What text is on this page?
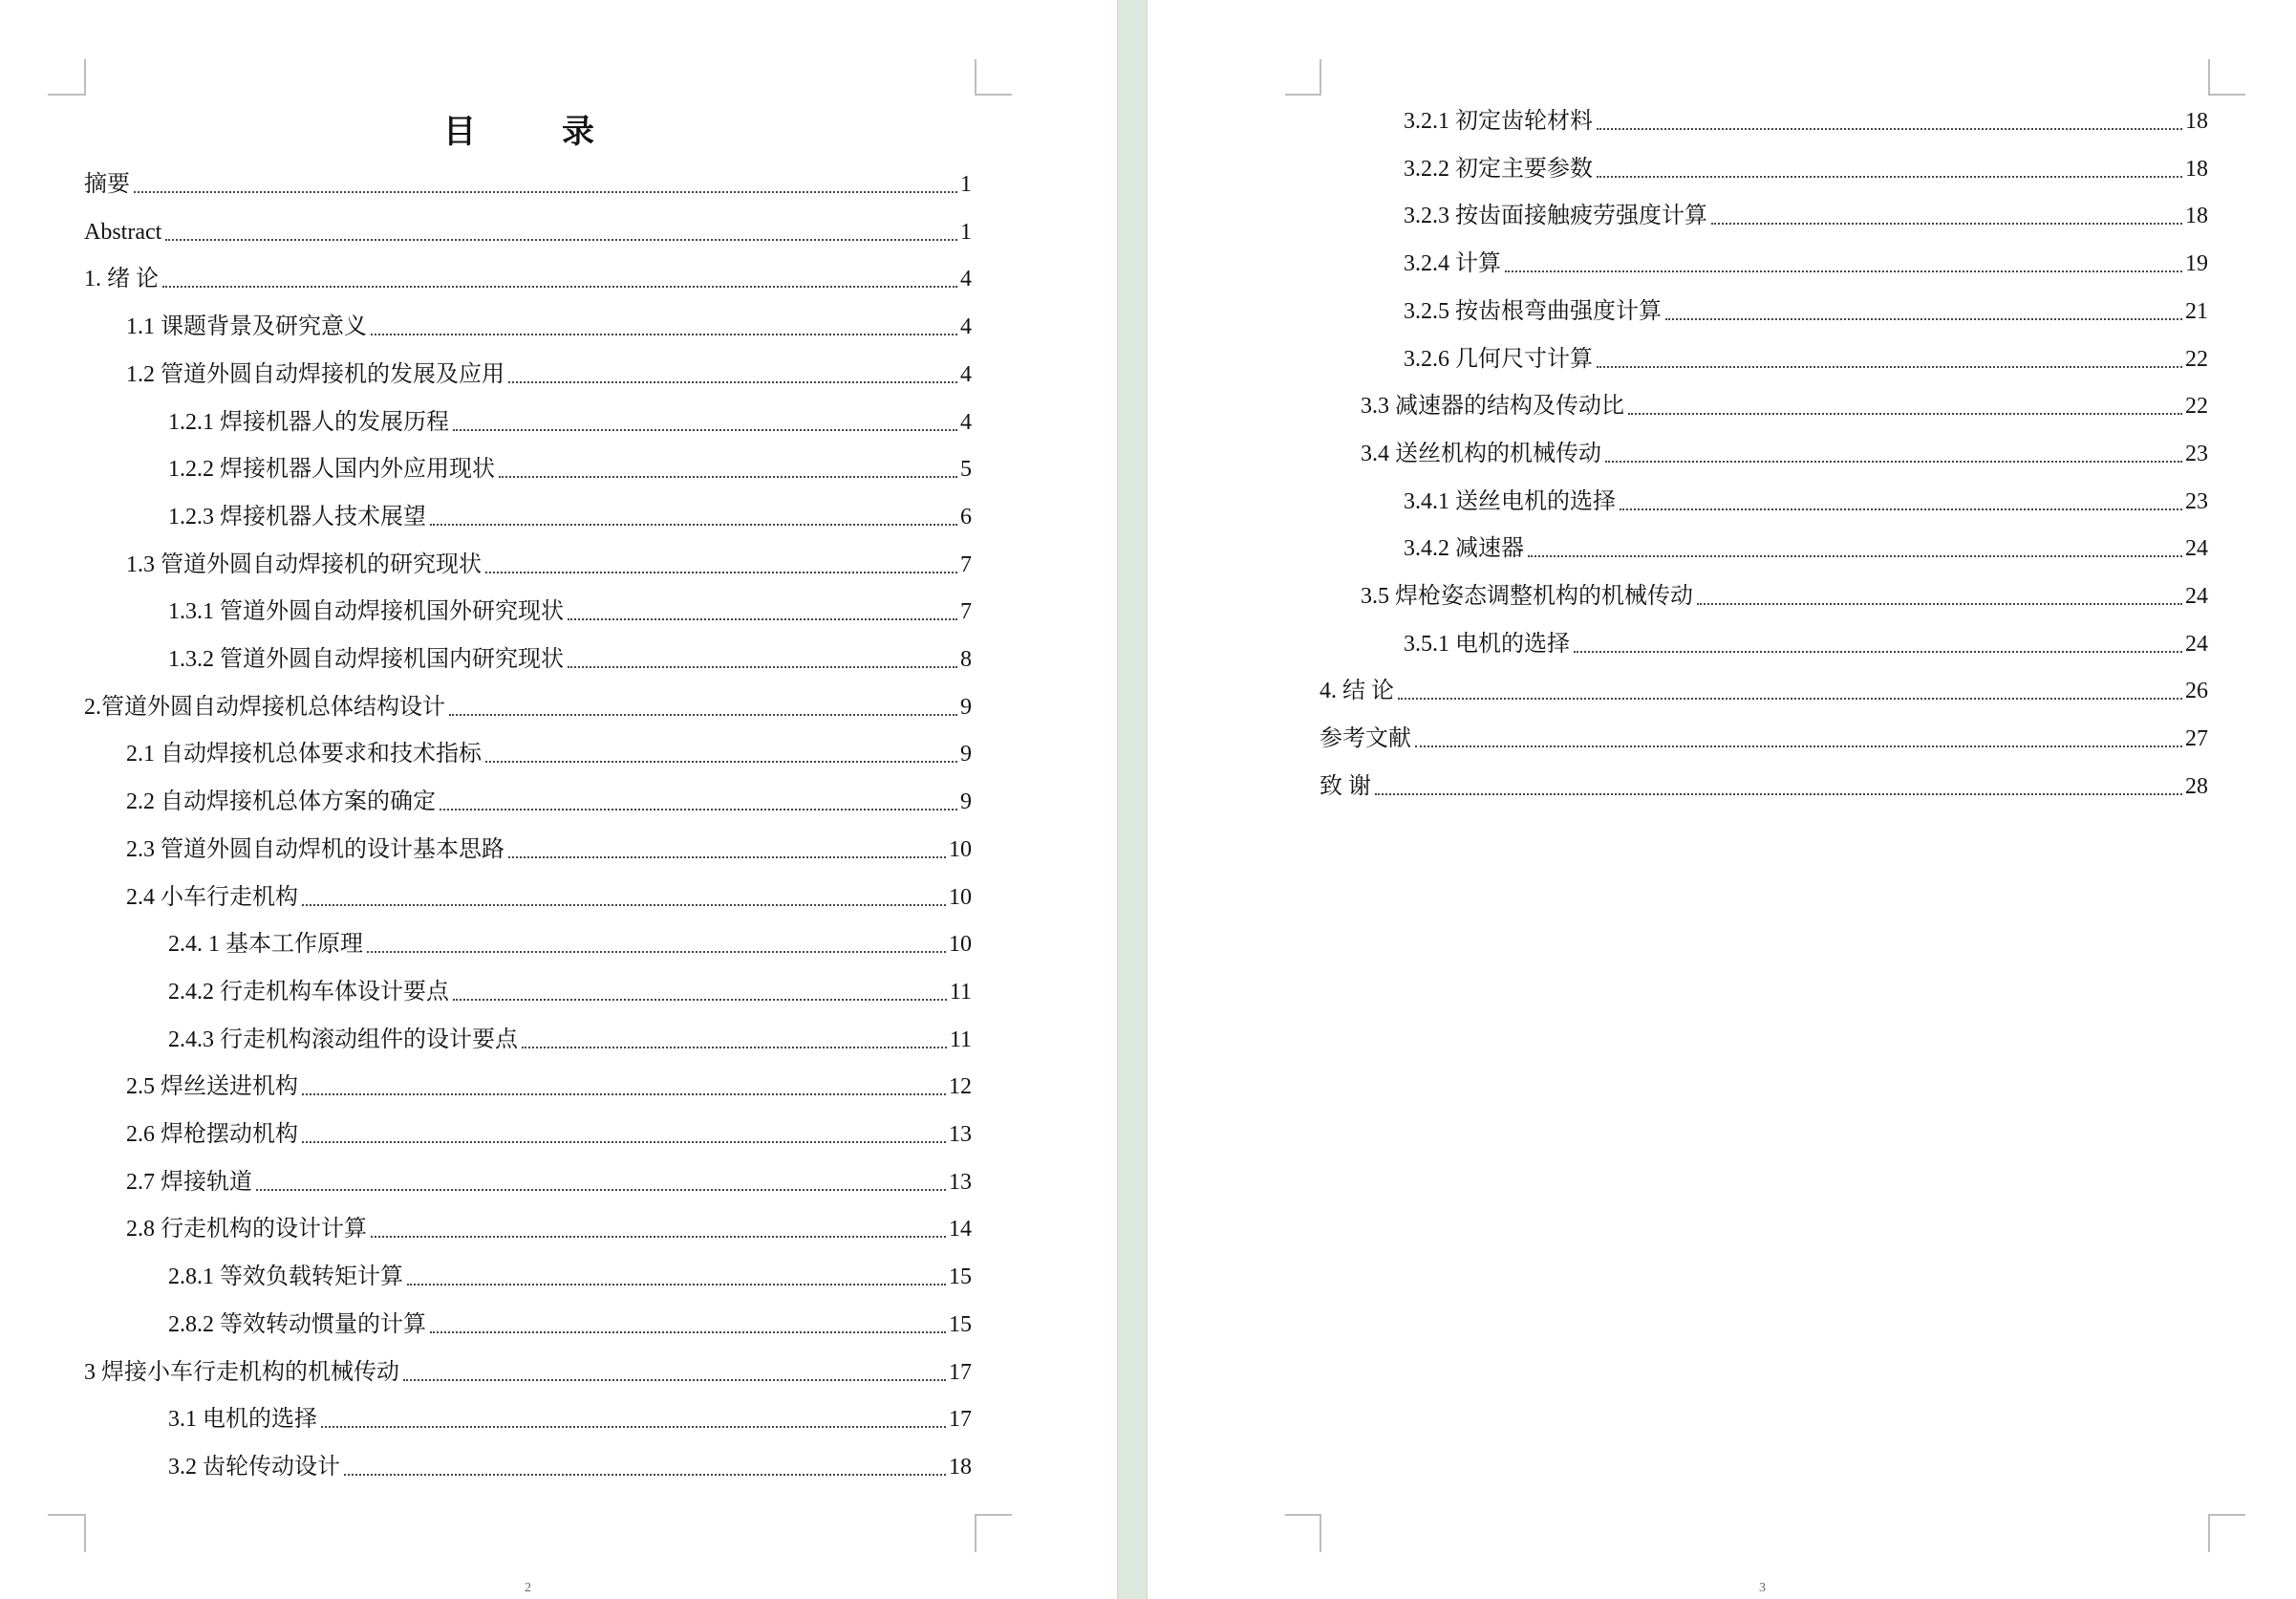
目　录
摘要	1
Abstract	1
1. 绪 论	4
1.1 课题背景及研究意义	4
1.2 管道外圆自动焊接机的发展及应用	4
1.2.1 焊接机器人的发展历程	4
1.2.2 焊接机器人国内外应用现状	5
1.2.3 焊接机器人技术展望	6
1.3 管道外圆自动焊接机的研究现状	7
1.3.1 管道外圆自动焊接机国外研究现状	7
1.3.2 管道外圆自动焊接机国内研究现状	8
2.管道外圆自动焊接机总体结构设计	9
2.1 自动焊接机总体要求和技术指标	9
2.2 自动焊接机总体方案的确定	9
2.3 管道外圆自动焊机的设计基本思路	10
2.4 小车行走机构	10
2.4. 1 基本工作原理	10
2.4.2 行走机构车体设计要点	11
2.4.3 行走机构滚动组件的设计要点	11
2.5 焊丝送进机构	12
2.6 焊枪摆动机构	13
2.7 焊接轨道	13
2.8 行走机构的设计计算	14
2.8.1 等效负载转矩计算	15
2.8.2 等效转动惯量的计算	15
3 焊接小车行走机构的机械传动	17
3.1 电机的选择	17
3.2 齿轮传动设计	18
2
3.2.1 初定齿轮材料	18
3.2.2 初定主要参数	18
3.2.3 按齿面接触疲劳强度计算	18
3.2.4 计算	19
3.2.5 按齿根弯曲强度计算	21
3.2.6 几何尺寸计算	22
3.3 减速器的结构及传动比	22
3.4 送丝机构的机械传动	23
3.4.1 送丝电机的选择	23
3.4.2 减速器	24
3.5 焊枪姿态调整机构的机械传动	24
3.5.1 电机的选择	24
4. 结 论	26
参考文献	27
致 谢	28
3
